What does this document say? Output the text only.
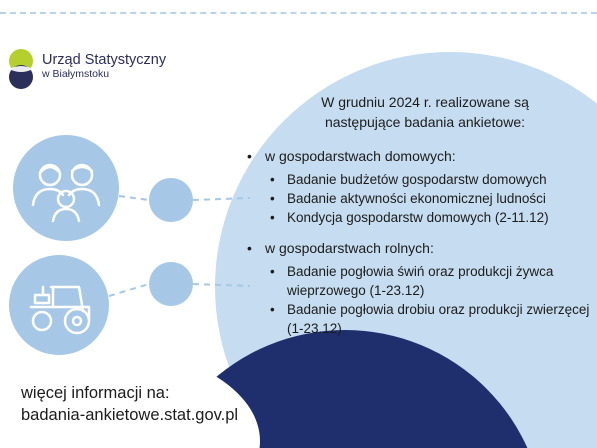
Urząd Statystyczny
w Białymstoku
W grudniu 2024 r. realizowane są
następujące badania ankietowe:
• w gospodarstwach domowych:
• Badanie budżetów gospodarstw domowych
• Badanie aktywności ekonomicznej ludności
• Kondycja gospodarstw domowych (2-11.12)
• w gospodarstwach rolnych:
• Badanie pogłowia świń oraz produkcji żywca
wieprzowego (1-23.12)
• Badanie pogłowia drobiu oraz produkcji zwierzęcej
(1-23.12)
więcej informacji na:
badania-ankietowe.stat.gov.pl
